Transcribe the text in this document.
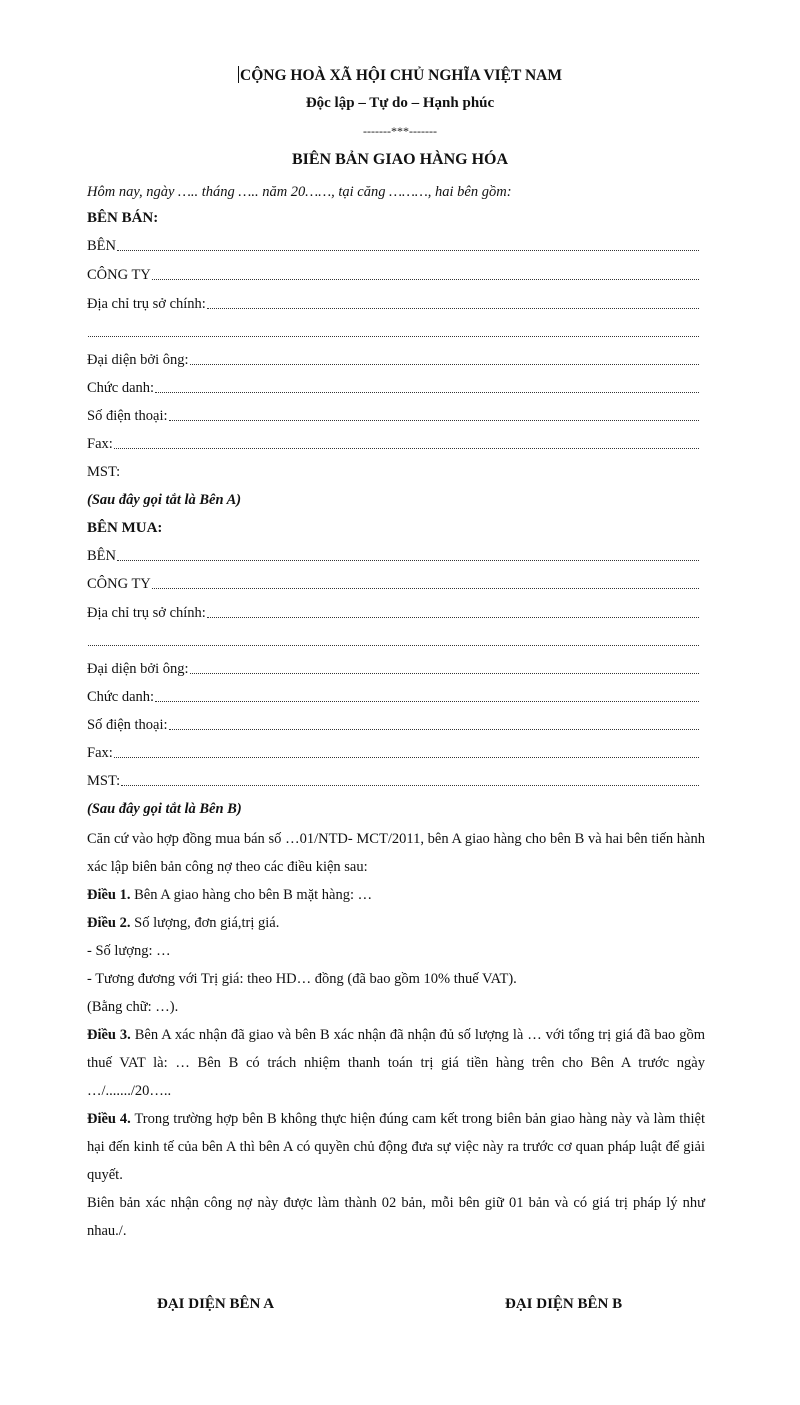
CỘNG HOÀ XÃ HỘI CHỦ NGHĨA VIỆT NAM
Độc lập – Tự do – Hạnh phúc
-------***-------
BIÊN BẢN GIAO HÀNG HÓA
Hôm nay, ngày ….. tháng ….. năm 20……, tại căng ………, hai bên gồm:
BÊN BÁN:
BÊN
CÔNG TY
Địa chỉ trụ sở chính:
Đại diện bởi ông:
Chức danh:
Số điện thoại:
Fax:
MST:
(Sau đây gọi tắt là Bên A)
BÊN MUA:
BÊN
CÔNG TY
Địa chỉ trụ sở chính:
Đại diện bởi ông:
Chức danh:
Số điện thoại:
Fax:
MST:
(Sau đây gọi tắt là Bên B)
Căn cứ vào hợp đồng mua bán số …01/NTD- MCT/2011, bên A giao hàng cho bên B và hai bên tiến hành xác lập biên bản công nợ theo các điều kiện sau:
Điều 1. Bên A giao hàng cho bên B mặt hàng: …
Điều 2. Số lượng, đơn giá,trị giá.
- Số lượng: …
- Tương đương với Trị giá: theo HD… đồng (đã bao gồm 10% thuế VAT).
(Bằng chữ: …).
Điều 3. Bên A xác nhận đã giao và bên B xác nhận đã nhận đủ số lượng là … với tổng trị giá đã bao gồm thuế VAT là: … Bên B có trách nhiệm thanh toán trị giá tiền hàng trên cho Bên A trước ngày …/......./20…..
Điều 4. Trong trường hợp bên B không thực hiện đúng cam kết trong biên bản giao hàng này và làm thiệt hại đến kinh tế của bên A thì bên A có quyền chủ động đưa sự việc này ra trước cơ quan pháp luật để giải quyết.
Biên bản xác nhận công nợ này được làm thành 02 bản, mỗi bên giữ 01 bản và có giá trị pháp lý như nhau./.
ĐẠI DIỆN BÊN A	ĐẠI DIỆN BÊN B
